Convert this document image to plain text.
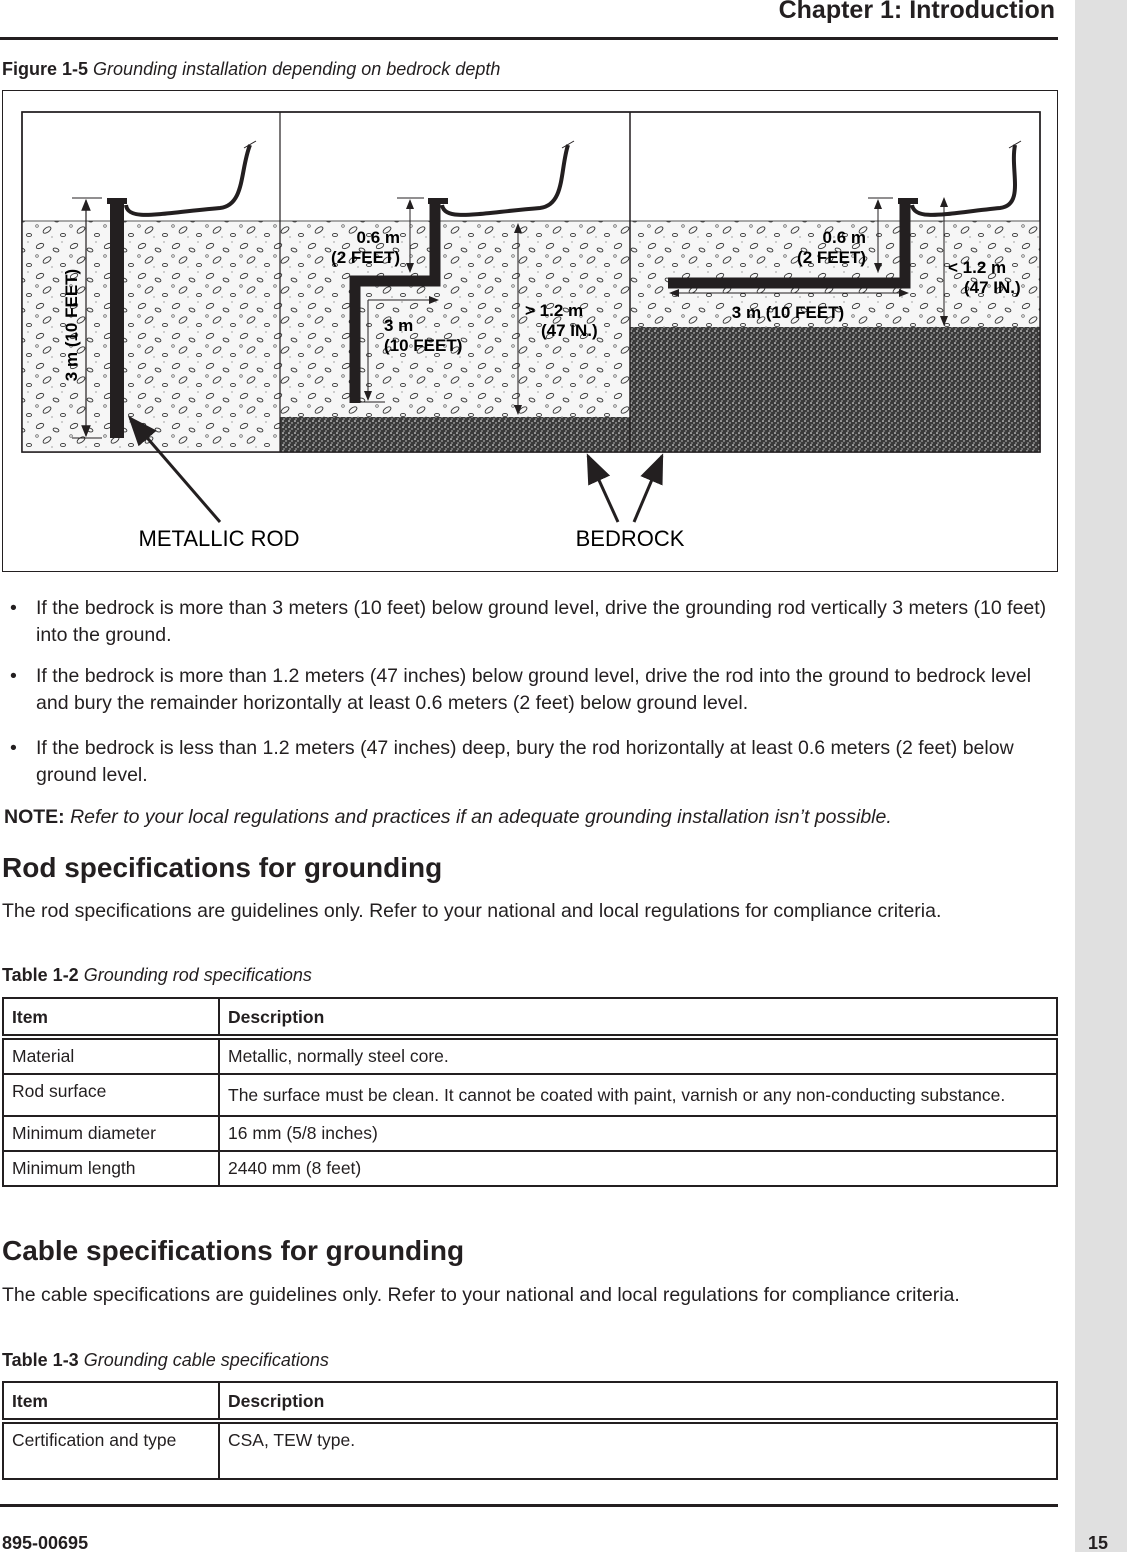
Chapter 1: Introduction
Figure 1-5 Grounding installation depending on bedrock depth
3 m (10 FEET)
0.6 m
(2 FEET)
3 m
(10 FEET)
> 1.2 m
(47 IN.)
0.6 m
(2 FEET)
3 m (10 FEET)
< 1.2 m
(47 IN.)
METALLIC ROD	BEDROCK
• If the bedrock is more than 3 meters (10 feet) below ground level, drive the grounding rod vertically 3 meters (10 feet) into the ground.
• If the bedrock is more than 1.2 meters (47 inches) below ground level, drive the rod into the ground to bedrock level and bury the remainder horizontally at least 0.6 meters (2 feet) below ground level.
• If the bedrock is less than 1.2 meters (47 inches) deep, bury the rod horizontally at least 0.6 meters (2 feet) below ground level.
NOTE: Refer to your local regulations and practices if an adequate grounding installation isn’t possible.
Rod specifications for grounding
The rod specifications are guidelines only. Refer to your national and local regulations for compliance criteria.
Table 1-2 Grounding rod specifications
Item	Description
Material	Metallic, normally steel core.
Rod surface	The surface must be clean. It cannot be coated with paint, varnish or any non-conducting substance.
Minimum diameter	16 mm (5/8 inches)
Minimum length	2440 mm (8 feet)
Cable specifications for grounding
The cable specifications are guidelines only. Refer to your national and local regulations for compliance criteria.
Table 1-3 Grounding cable specifications
Item	Description
Certification and type	CSA, TEW type.
895-00695	15
